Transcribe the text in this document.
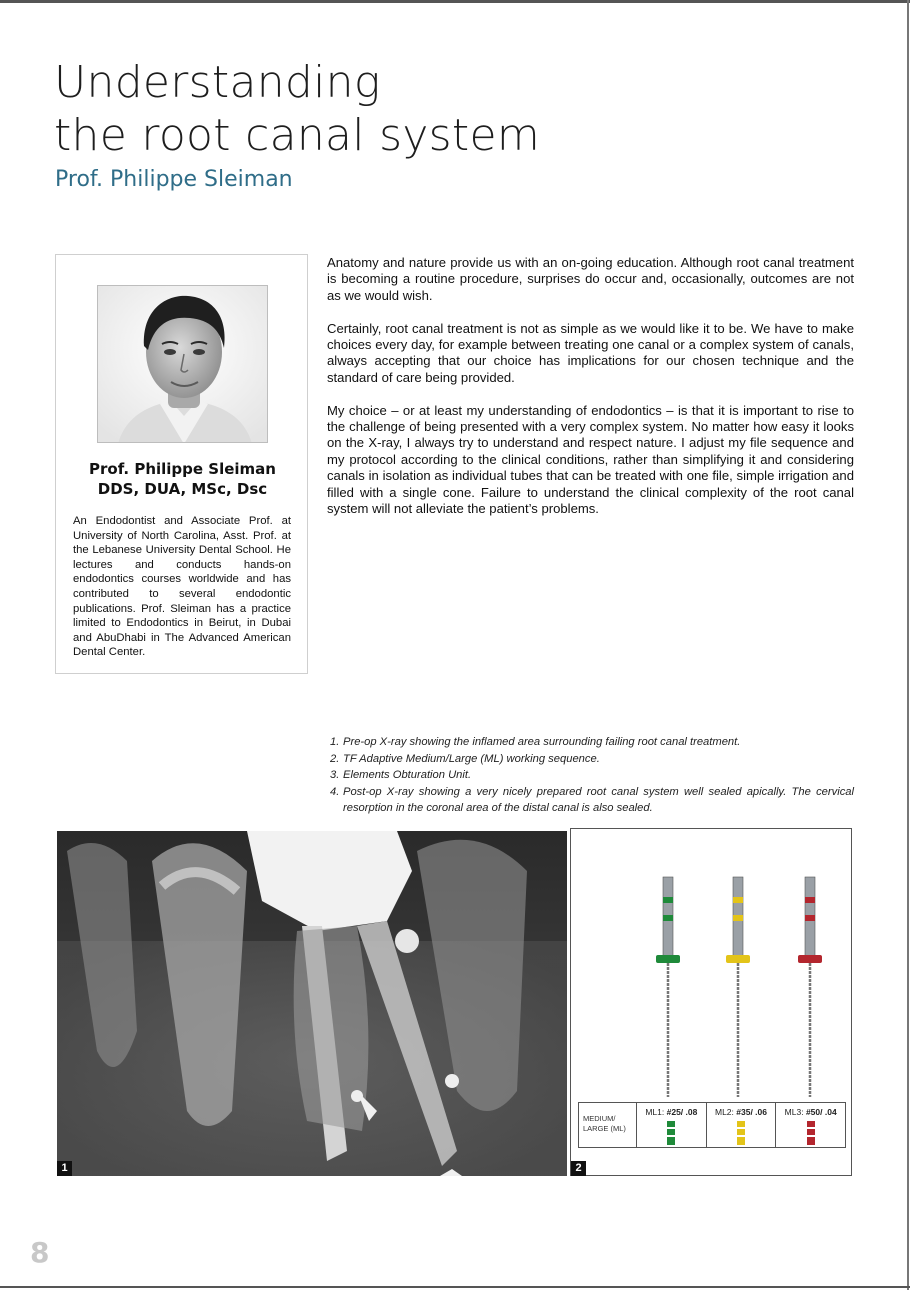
Understanding
the root canal system
Prof. Philippe Sleiman
Prof. Philippe Sleiman
DDS, DUA, MSc, Dsc
An Endodontist and Associate Prof. at University of North Carolina, Asst. Prof. at the Lebanese University Dental School. He lectures and conducts hands-on endodontics courses worldwide and has contributed to several endodontic publications. Prof. Sleiman has a practice limited to Endodontics in Beirut, in Dubai and AbuDhabi in The Advanced American Dental Center.

Anatomy and nature provide us with an on-going education. Although root canal treatment is becoming a routine procedure, surprises do occur and, occasionally, outcomes are not as we would wish.

Certainly, root canal treatment is not as simple as we would like it to be. We have to make choices every day, for example between treating one canal or a complex system of canals, always accepting that our choice has implications for our chosen technique and the standard of care being provided.

My choice – or at least my understanding of endodontics – is that it is important to rise to the challenge of being presented with a very complex system. No matter how easy it looks on the X-ray, I always try to understand and respect nature. I adjust my file sequence and my protocol according to the clinical conditions, rather than simplifying it and considering canals in isolation as individual tubes that can be treated with one file, simple irrigation and filled with a single cone. Failure to understand the clinical complexity of the root canal system will not alleviate the patient’s problems.

1. Pre-op X-ray showing the inflamed area surrounding failing root canal treatment.
2. TF Adaptive Medium/Large (ML) working sequence.
3. Elements Obturation Unit.
4. Post-op X-ray showing a very nicely prepared root canal system well sealed apically. The cervical resorption in the coronal area of the distal canal is also sealed.
1
MEDIUM/ LARGE (ML)
ML1: #25/ .08	ML2: #35/ .06	ML3: #50/ .04
2
8
